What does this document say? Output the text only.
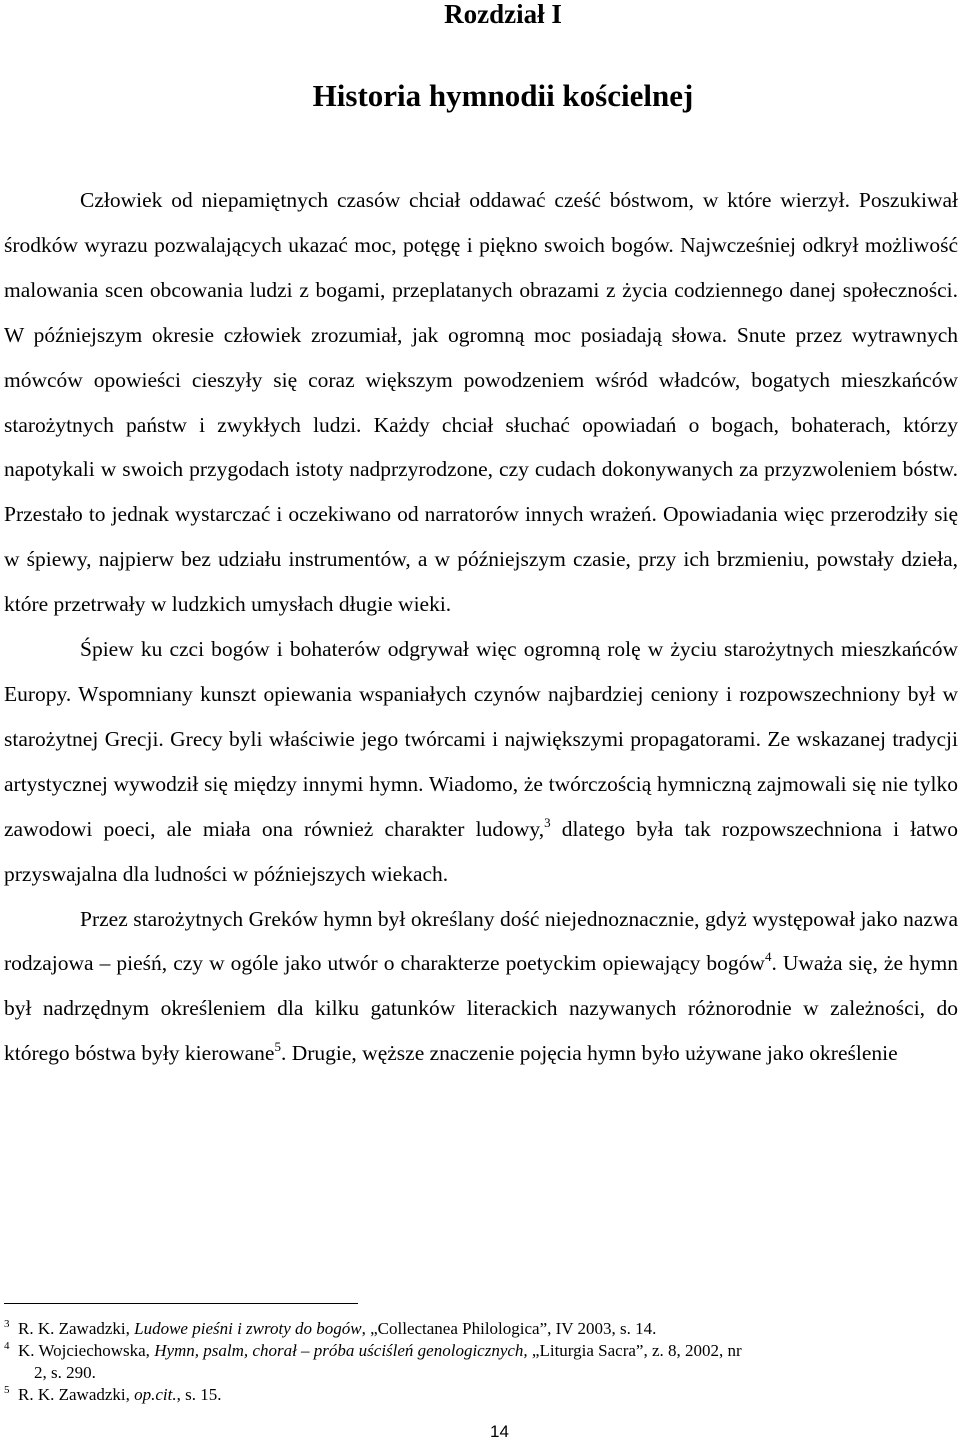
Rozdział I
Historia hymnodii kościelnej

Człowiek od niepamiętnych czasów chciał oddawać cześć bóstwom, w które wierzył. Poszukiwał środków wyrazu pozwalających ukazać moc, potęgę i piękno swoich bogów. Najwcześniej odkrył możliwość malowania scen obcowania ludzi z bogami, przeplatanych obrazami z życia codziennego danej społeczności. W późniejszym okresie człowiek zrozumiał, jak ogromną moc posiadają słowa. Snute przez wytrawnych mówców opowieści cieszyły się coraz większym powodzeniem wśród władców, bogatych mieszkańców starożytnych państw i zwykłych ludzi. Każdy chciał słuchać opowiadań o bogach, bohaterach, którzy napotykali w swoich przygodach istoty nadprzyrodzone, czy cudach dokonywanych za przyzwoleniem bóstw. Przestało to jednak wystarczać i oczekiwano od narratorów innych wrażeń. Opowiadania więc przerodziły się w śpiewy, najpierw bez udziału instrumentów, a w późniejszym czasie, przy ich brzmieniu, powstały dzieła, które przetrwały w ludzkich umysłach długie wieki.

Śpiew ku czci bogów i bohaterów odgrywał więc ogromną rolę w życiu starożytnych mieszkańców Europy. Wspomniany kunszt opiewania wspaniałych czynów najbardziej ceniony i rozpowszechniony był w starożytnej Grecji. Grecy byli właściwie jego twórcami i największymi propagatorami. Ze wskazanej tradycji artystycznej wywodził się między innymi hymn. Wiadomo, że twórczością hymniczną zajmowali się nie tylko zawodowi poeci, ale miała ona również charakter ludowy,$^3$ dlatego była tak rozpowszechniona i łatwo przyswajalna dla ludności w późniejszych wiekach.

Przez starożytnych Greków hymn był określany dość niejednoznacznie, gdyż występował jako nazwa rodzajowa – pieśń, czy w ogóle jako utwór o charakterze poetyckim opiewający bogów$^4$. Uważa się, że hymn był nadrzędnym określeniem dla kilku gatunków literackich nazywanych różnorodnie w zależności, do którego bóstwa były kierowane$^5$. Drugie, węższe znaczenie pojęcia hymn było używane jako określenie

3 R. K. Zawadzki, Ludowe pieśni i zwroty do bogów, „Collectanea Philologica”, IV 2003, s. 14.
4 K. Wojciechowska, Hymn, psalm, chorał – próba uściśleń genologicznych, „Liturgia Sacra”, z. 8, 2002, nr
2, s. 290.
5 R. K. Zawadzki, op.cit., s. 15.
14
